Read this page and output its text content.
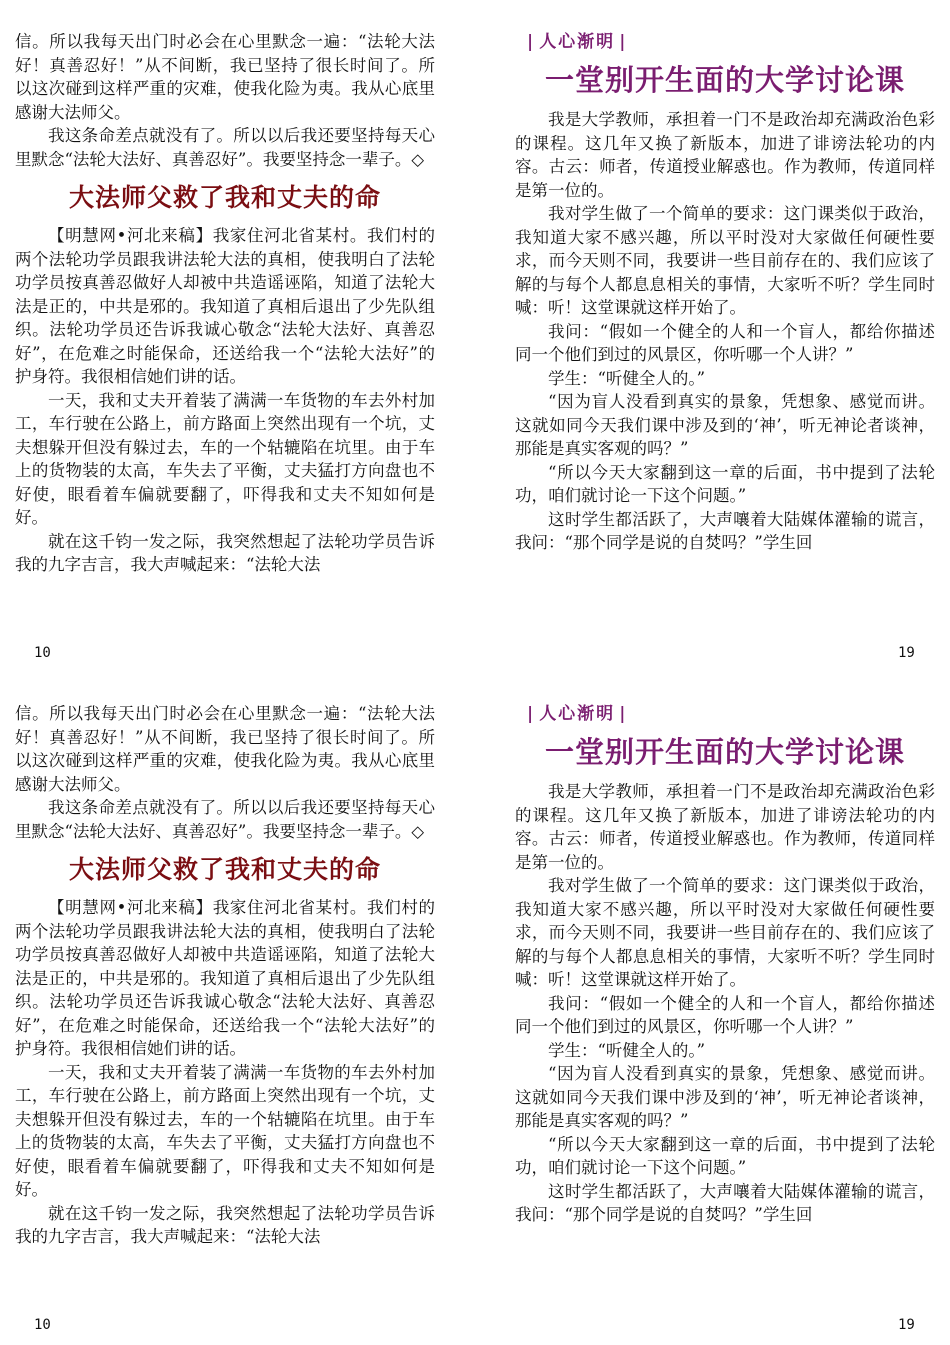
信。所以我每天出门时必会在心里默念一遍：“法轮大法好！真善忍好！”从不间断，我已坚持了很长时间了。所以这次碰到这样严重的灾难，使我化险为夷。我从心底里感谢大法师父。

我这条命差点就没有了。所以以后我还要坚持每天心里默念“法轮大法好、真善忍好”。我要坚持念一辈子。◇

大法师父救了我和丈夫的命

【明慧网•河北来稿】我家住河北省某村。我们村的两个法轮功学员跟我讲法轮大法的真相，使我明白了法轮功学员按真善忍做好人却被中共造谣诬陷，知道了法轮大法是正的，中共是邪的。我知道了真相后退出了少先队组织。法轮功学员还告诉我诚心敬念“法轮大法好、真善忍好”，在危难之时能保命，还送给我一个“法轮大法好”的护身符。我很相信她们讲的话。

一天，我和丈夫开着装了满满一车货物的车去外村加工，车行驶在公路上，前方路面上突然出现有一个坑，丈夫想躲开但没有躲过去，车的一个轱辘陷在坑里。由于车上的货物装的太高，车失去了平衡，丈夫猛打方向盘也不好使，眼看着车偏就要翻了，吓得我和丈夫不知如何是好。

就在这千钧一发之际，我突然想起了法轮功学员告诉我的九字吉言，我大声喊起来：“法轮大法

10
| 人心渐明 |
一堂别开生面的大学讨论课

我是大学教师，承担着一门不是政治却充满政治色彩的课程。这几年又换了新版本，加进了诽谤法轮功的内容。古云：师者，传道授业解惑也。作为教师，传道同样是第一位的。

我对学生做了一个简单的要求：这门课类似于政治，我知道大家不感兴趣，所以平时没对大家做任何硬性要求，而今天则不同，我要讲一些目前存在的、我们应该了解的与每个人都息息相关的事情，大家听不听？学生同时喊：听！这堂课就这样开始了。

我问：“假如一个健全的人和一个盲人，都给你描述同一个他们到过的风景区，你听哪一个人讲？”

学生：“听健全人的。”

“因为盲人没看到真实的景象，凭想象、感觉而讲。这就如同今天我们课中涉及到的‘神’，听无神论者谈神，那能是真实客观的吗？”

“所以今天大家翻到这一章的后面，书中提到了法轮功，咱们就讨论一下这个问题。”

这时学生都活跃了，大声嚷着大陆媒体灌输的谎言，我问：“那个同学是说的自焚吗？”学生回

19

信。所以我每天出门时必会在心里默念一遍：“法轮大法好！真善忍好！”从不间断，我已坚持了很长时间了。所以这次碰到这样严重的灾难，使我化险为夷。我从心底里感谢大法师父。

我这条命差点就没有了。所以以后我还要坚持每天心里默念“法轮大法好、真善忍好”。我要坚持念一辈子。◇

大法师父救了我和丈夫的命

【明慧网•河北来稿】我家住河北省某村。我们村的两个法轮功学员跟我讲法轮大法的真相，使我明白了法轮功学员按真善忍做好人却被中共造谣诬陷，知道了法轮大法是正的，中共是邪的。我知道了真相后退出了少先队组织。法轮功学员还告诉我诚心敬念“法轮大法好、真善忍好”，在危难之时能保命，还送给我一个“法轮大法好”的护身符。我很相信她们讲的话。

一天，我和丈夫开着装了满满一车货物的车去外村加工，车行驶在公路上，前方路面上突然出现有一个坑，丈夫想躲开但没有躲过去，车的一个轱辘陷在坑里。由于车上的货物装的太高，车失去了平衡，丈夫猛打方向盘也不好使，眼看着车偏就要翻了，吓得我和丈夫不知如何是好。

就在这千钧一发之际，我突然想起了法轮功学员告诉我的九字吉言，我大声喊起来：“法轮大法

10
| 人心渐明 |
一堂别开生面的大学讨论课

我是大学教师，承担着一门不是政治却充满政治色彩的课程。这几年又换了新版本，加进了诽谤法轮功的内容。古云：师者，传道授业解惑也。作为教师，传道同样是第一位的。

我对学生做了一个简单的要求：这门课类似于政治，我知道大家不感兴趣，所以平时没对大家做任何硬性要求，而今天则不同，我要讲一些目前存在的、我们应该了解的与每个人都息息相关的事情，大家听不听？学生同时喊：听！这堂课就这样开始了。

我问：“假如一个健全的人和一个盲人，都给你描述同一个他们到过的风景区，你听哪一个人讲？”

学生：“听健全人的。”

“因为盲人没看到真实的景象，凭想象、感觉而讲。这就如同今天我们课中涉及到的‘神’，听无神论者谈神，那能是真实客观的吗？”

“所以今天大家翻到这一章的后面，书中提到了法轮功，咱们就讨论一下这个问题。”

这时学生都活跃了，大声嚷着大陆媒体灌输的谎言，我问：“那个同学是说的自焚吗？”学生回

19
